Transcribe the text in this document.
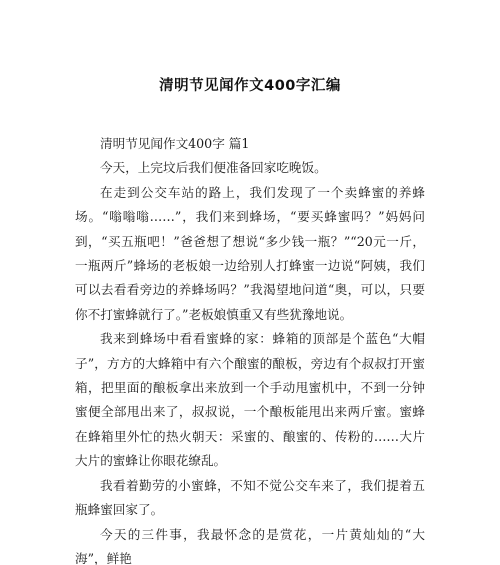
清明节见闻作文400字汇编

清明节见闻作文400字 篇1

今天，上完坟后我们便准备回家吃晚饭。

在走到公交车站的路上，我们发现了一个卖蜂蜜的养蜂场。“嗡嗡嗡……”，我们来到蜂场，“要买蜂蜜吗？”妈妈问到，“买五瓶吧！”爸爸想了想说“多少钱一瓶？”“20元一斤，一瓶两斤”蜂场的老板娘一边给别人打蜂蜜一边说“阿姨，我们可以去看看旁边的养蜂场吗？”我渴望地问道“奥，可以，只要你不打蜜蜂就行了。”老板娘慎重又有些犹豫地说。

我来到蜂场中看看蜜蜂的家：蜂箱的顶部是个蓝色“大帽子”，方方的大蜂箱中有六个酿蜜的酿板，旁边有个叔叔打开蜜箱，把里面的酿板拿出来放到一个手动甩蜜机中，不到一分钟蜜便全部甩出来了，叔叔说，一个酿板能甩出来两斤蜜。蜜蜂在蜂箱里外忙的热火朝天：采蜜的、酿蜜的、传粉的……大片大片的蜜蜂让你眼花缭乱。

我看着勤劳的小蜜蜂，不知不觉公交车来了，我们提着五瓶蜂蜜回家了。

今天的三件事，我最怀念的是赏花，一片黄灿灿的“大海”，鲜艳
